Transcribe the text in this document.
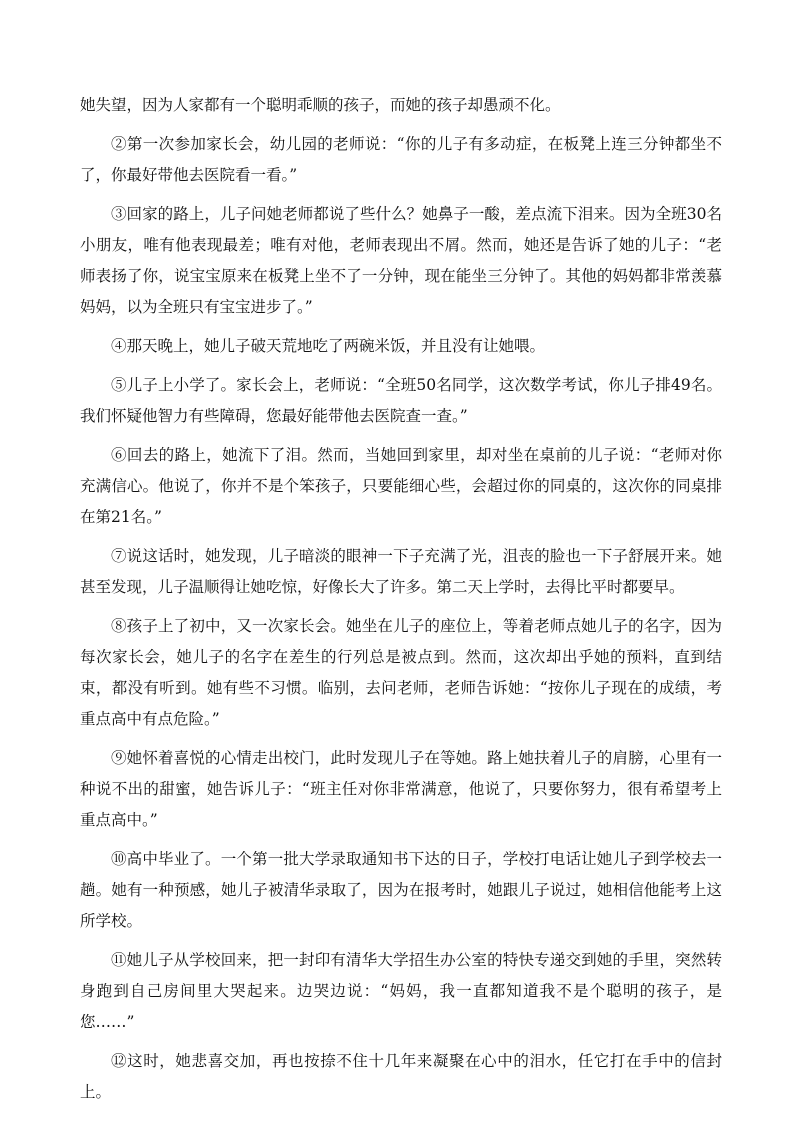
她失望，因为人家都有一个聪明乖顺的孩子，而她的孩子却愚顽不化。

②第一次参加家长会，幼儿园的老师说：“你的儿子有多动症，在板凳上连三分钟都坐不了，你最好带他去医院看一看。”

③回家的路上，儿子问她老师都说了些什么？她鼻子一酸，差点流下泪来。因为全班30名小朋友，唯有他表现最差；唯有对他，老师表现出不屑。然而，她还是告诉了她的儿子：“老师表扬了你，说宝宝原来在板凳上坐不了一分钟，现在能坐三分钟了。其他的妈妈都非常羡慕妈妈，以为全班只有宝宝进步了。”

④那天晚上，她儿子破天荒地吃了两碗米饭，并且没有让她喂。

⑤儿子上小学了。家长会上，老师说：“全班50名同学，这次数学考试，你儿子排49名。我们怀疑他智力有些障碍，您最好能带他去医院查一查。”

⑥回去的路上，她流下了泪。然而，当她回到家里，却对坐在桌前的儿子说：“老师对你充满信心。他说了，你并不是个笨孩子，只要能细心些，会超过你的同桌的，这次你的同桌排在第21名。”

⑦说这话时，她发现，儿子暗淡的眼神一下子充满了光，沮丧的脸也一下子舒展开来。她甚至发现，儿子温顺得让她吃惊，好像长大了许多。第二天上学时，去得比平时都要早。

⑧孩子上了初中，又一次家长会。她坐在儿子的座位上，等着老师点她儿子的名字，因为每次家长会，她儿子的名字在差生的行列总是被点到。然而，这次却出乎她的预料，直到结束，都没有听到。她有些不习惯。临别，去问老师，老师告诉她：“按你儿子现在的成绩，考重点高中有点危险。”

⑨她怀着喜悦的心情走出校门，此时发现儿子在等她。路上她扶着儿子的肩膀，心里有一种说不出的甜蜜，她告诉儿子：“班主任对你非常满意，他说了，只要你努力，很有希望考上重点高中。”

⑩高中毕业了。一个第一批大学录取通知书下达的日子，学校打电话让她儿子到学校去一趟。她有一种预感，她儿子被清华录取了，因为在报考时，她跟儿子说过，她相信他能考上这所学校。

⑪她儿子从学校回来，把一封印有清华大学招生办公室的特快专递交到她的手里，突然转身跑到自己房间里大哭起来。边哭边说：“妈妈，我一直都知道我不是个聪明的孩子，是您……”

⑫这时，她悲喜交加，再也按捺不住十几年来凝聚在心中的泪水，任它打在手中的信封上。
